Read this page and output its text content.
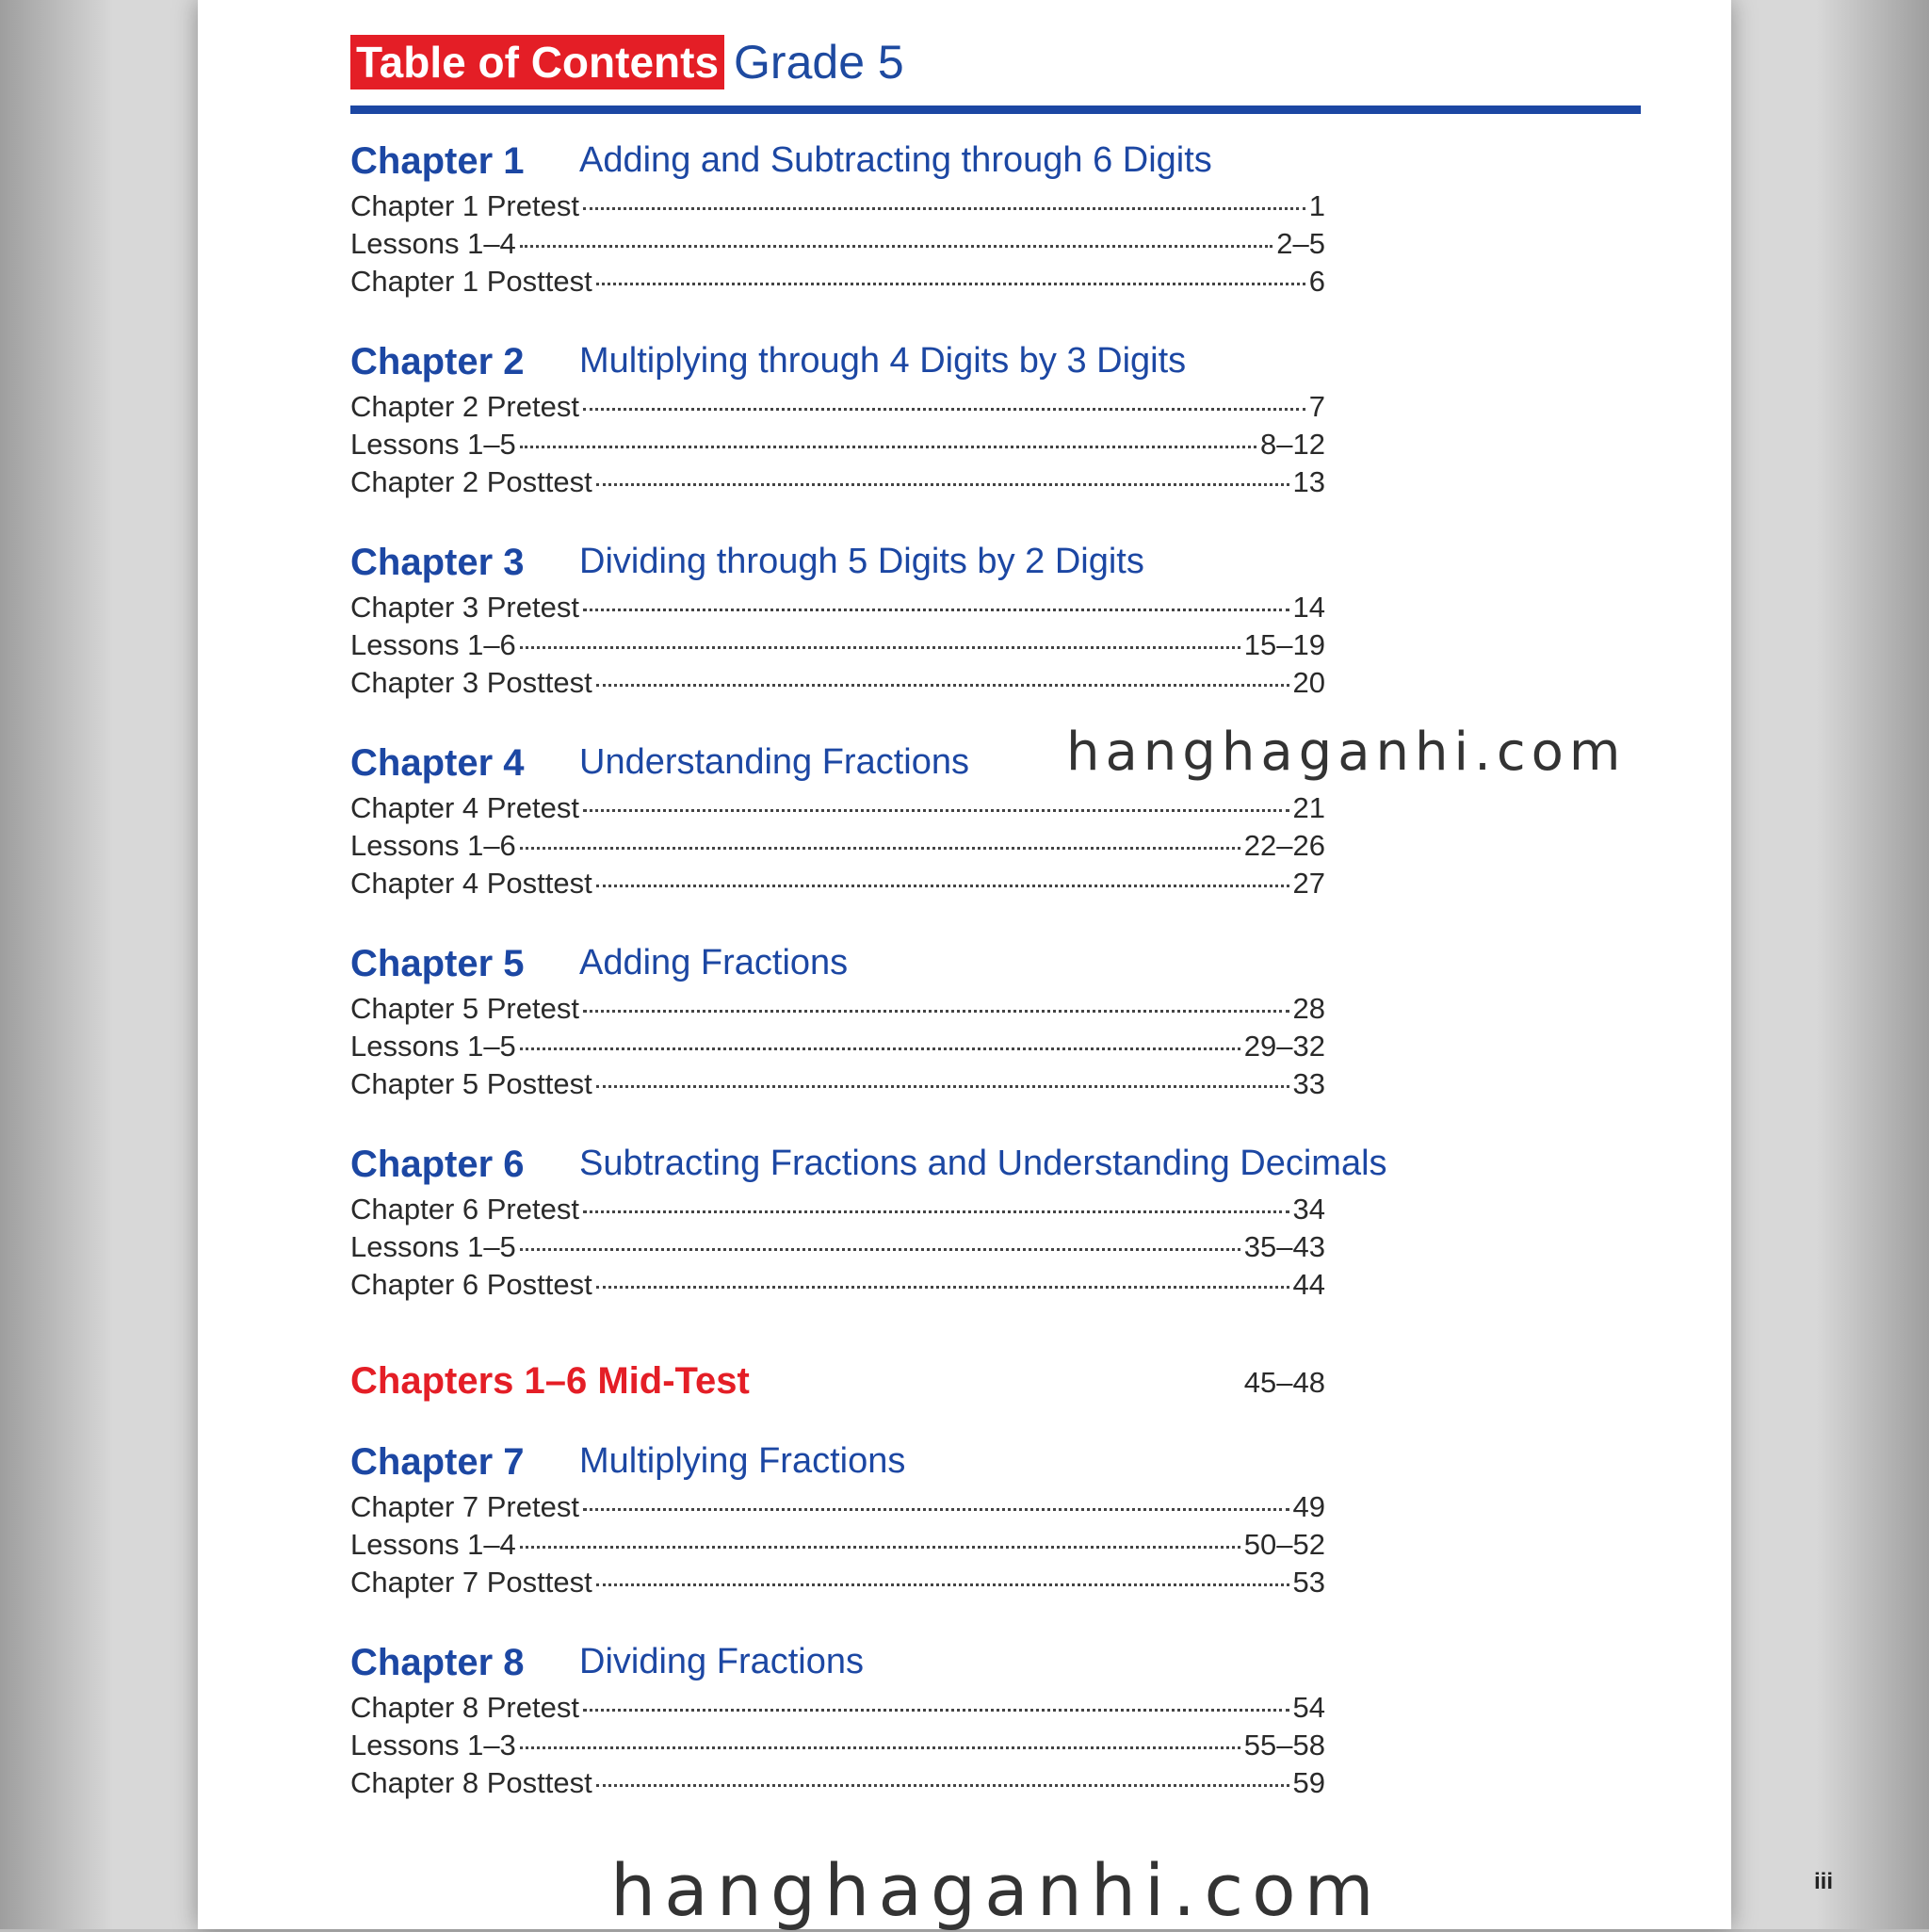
Table of Contents Grade 5
Chapter 1 Adding and Subtracting through 6 Digits
Chapter 1 Pretest	1
Lessons 1–4	2–5
Chapter 1 Posttest	6
Chapter 2 Multiplying through 4 Digits by 3 Digits
Chapter 2 Pretest	7
Lessons 1–5	8–12
Chapter 2 Posttest	13
Chapter 3 Dividing through 5 Digits by 2 Digits
Chapter 3 Pretest	14
Lessons 1–6	15–19
Chapter 3 Posttest	20
Chapter 4 Understanding Fractions
Chapter 4 Pretest	21
Lessons 1–6	22–26
Chapter 4 Posttest	27
Chapter 5 Adding Fractions
Chapter 5 Pretest	28
Lessons 1–5	29–32
Chapter 5 Posttest	33
Chapter 6 Subtracting Fractions and Understanding Decimals
Chapter 6 Pretest	34
Lessons 1–5	35–43
Chapter 6 Posttest	44
Chapters 1–6 Mid-Test	45–48
Chapter 7 Multiplying Fractions
Chapter 7 Pretest	49
Lessons 1–4	50–52
Chapter 7 Posttest	53
Chapter 8 Dividing Fractions
Chapter 8 Pretest	54
Lessons 1–3	55–58
Chapter 8 Posttest	59
iii
hanghaganhi.com
hanghaganhi.com
